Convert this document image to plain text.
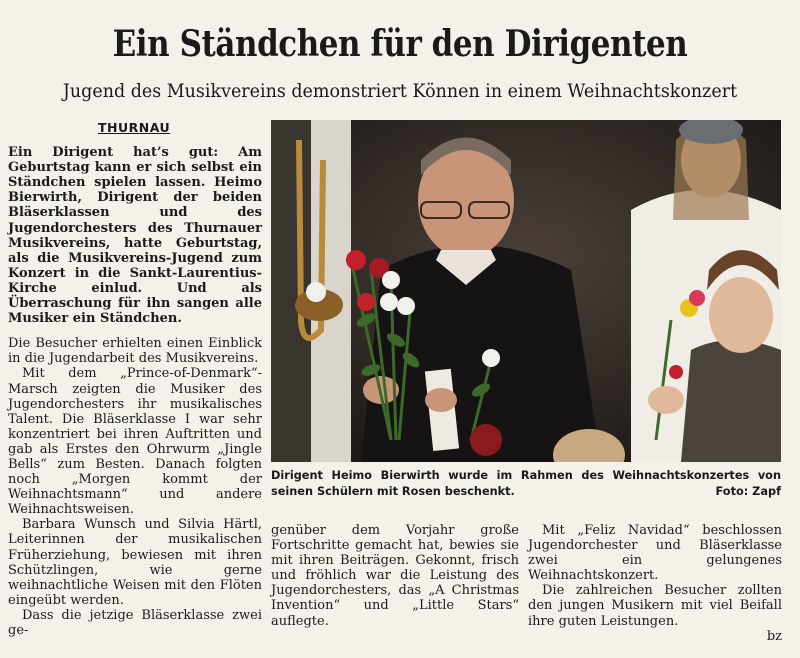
Ein Ständchen für den Dirigenten
Jugend des Musikvereins demonstriert Können in einem Weihnachtskonzert
THURNAU

Ein Dirigent hat’s gut: Am Geburtstag kann er sich selbst ein Ständchen spielen lassen. Heimo Bierwirth, Dirigent der beiden Bläserklassen und des Jugendorchesters des Thurnauer Musikvereins, hatte Geburtstag, als die Musikvereins-Jugend zum Konzert in die Sankt-Laurentius-Kirche einlud. Und als Überraschung für ihn sangen alle Musiker ein Ständchen.

Die Besucher erhielten einen Einblick in die Jugendarbeit des Musikvereins.

Mit dem „Prince-of-Denmark“-Marsch zeigten die Musiker des Jugendorchesters ihr musikalisches Talent. Die Bläserklasse I war sehr konzentriert bei ihren Auftritten und gab als Erstes den Ohrwurm „Jingle Bells“ zum Besten. Danach folgten noch „Morgen kommt der Weihnachtsmann“ und andere Weihnachtsweisen.

Barbara Wunsch und Silvia Härtl, Leiterinnen der musikalischen Früherziehung, bewiesen mit ihren Schützlingen, wie gerne weihnachtliche Weisen mit den Flöten eingeübt werden.

Dass die jetzige Bläserklasse zwei ge-

Dirigent Heimo Bierwirth wurde im Rahmen des Weihnachtskonzertes von seinen Schülern mit Rosen beschenkt.	Foto: Zapf

genüber dem Vorjahr große Fortschritte gemacht hat, bewies sie mit ihren Beiträgen. Gekonnt, frisch und fröhlich war die Leistung des Jugendorchesters, das „A Christmas Invention“ und „Little Stars“ auflegte.

Mit „Feliz Navidad“ beschlossen Jugendorchester und Bläserklasse zwei ein gelungenes Weihnachtskonzert.

Die zahlreichen Besucher zollten den jungen Musikern mit viel Beifall ihre guten Leistungen.

bz
